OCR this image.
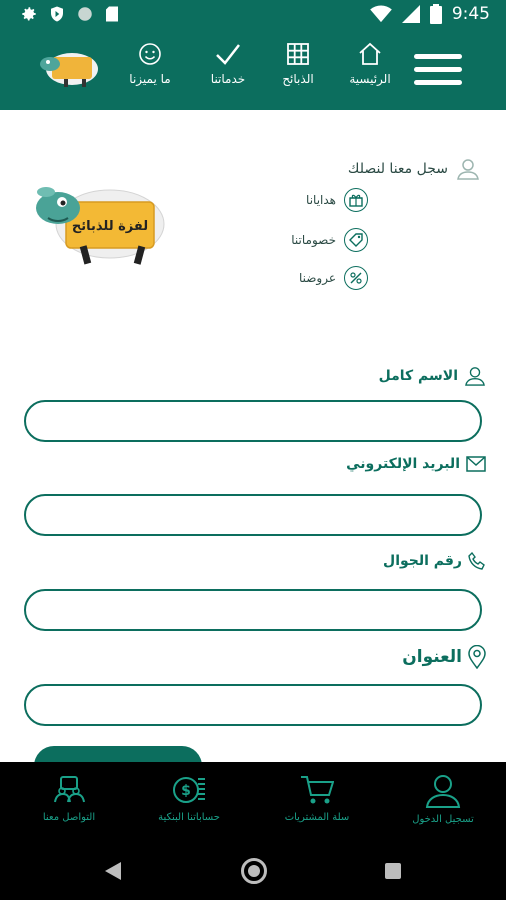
9:45
ما يميزنا	خدماتنا	الذبائح	الرئيسية
سجل معنا لنصلك
هدايانا
خصوماتنا
عروضنا
لفزة للذبائح
الاسم كامل
البريد الإلكتروني
رقم الجوال
العنوان
تسجيل الدخول
سلة المشتريات
$
حساباتنا البنكية
التواصل معنا
